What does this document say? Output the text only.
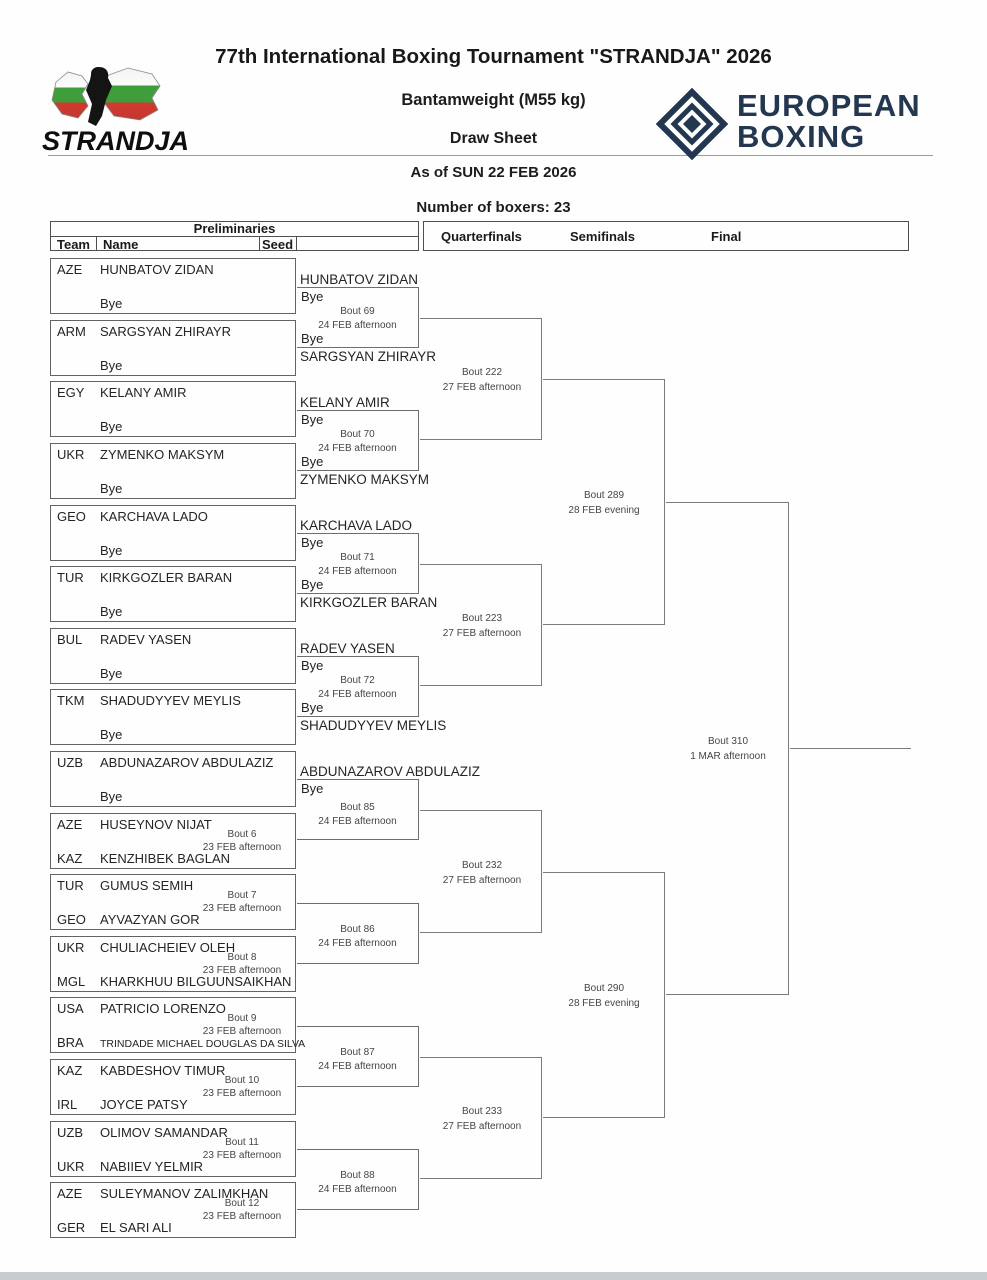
77th International Boxing Tournament "STRANDJA" 2026
Bantamweight (M55 kg)
Draw Sheet
As of SUN 22 FEB 2026
Number of boxers: 23
STRANDJA
EUROPEAN
BOXING
Preliminaries
Team Name	Seed
Quarterfinals	Semifinals	Final
AZE HUNBATOV ZIDAN
Bye
ARM SARGSYAN ZHIRAYR
Bye
EGY KELANY AMIR
Bye
UKR ZYMENKO MAKSYM
Bye
GEO KARCHAVA LADO
Bye
TUR KIRKGOZLER BARAN
Bye
BUL RADEV YASEN
Bye
TKM SHADUDYYEV MEYLIS
Bye
UZB ABDUNAZAROV ABDULAZIZ
Bye
AZE HUSEYNOV NIJAT
Bout 6
23 FEB afternoon
KAZ KENZHIBEK BAGLAN
TUR GUMUS SEMIH
Bout 7
23 FEB afternoon
GEO AYVAZYAN GOR
UKR CHULIACHEIEV OLEH
Bout 8
23 FEB afternoon
MGL KHARKHUU BILGUUNSAIKHAN
USA PATRICIO LORENZO
Bout 9
23 FEB afternoon
BRA TRINDADE MICHAEL DOUGLAS DA SILVA
KAZ KABDESHOV TIMUR
Bout 10
23 FEB afternoon
IRL JOYCE PATSY
UZB OLIMOV SAMANDAR
Bout 11
23 FEB afternoon
UKR NABIIEV YELMIR
AZE SULEYMANOV ZALIMKHAN
Bout 12
23 FEB afternoon
GER EL SARI ALI
HUNBATOV ZIDAN
Bye
Bout 69
24 FEB afternoon
Bye
SARGSYAN ZHIRAYR
KELANY AMIR
Bye
Bout 70
24 FEB afternoon
Bye
ZYMENKO MAKSYM
KARCHAVA LADO
Bye
Bout 71
24 FEB afternoon
Bye
KIRKGOZLER BARAN
RADEV YASEN
Bye
Bout 72
24 FEB afternoon
Bye
SHADUDYYEV MEYLIS
ABDUNAZAROV ABDULAZIZ
Bye
Bout 85
24 FEB afternoon
Bout 86
24 FEB afternoon
Bout 87
24 FEB afternoon
Bout 88
24 FEB afternoon
Bout 222
27 FEB afternoon
Bout 223
27 FEB afternoon
Bout 232
27 FEB afternoon
Bout 233
27 FEB afternoon
Bout 289
28 FEB evening
Bout 290
28 FEB evening
Bout 310
1 MAR afternoon
